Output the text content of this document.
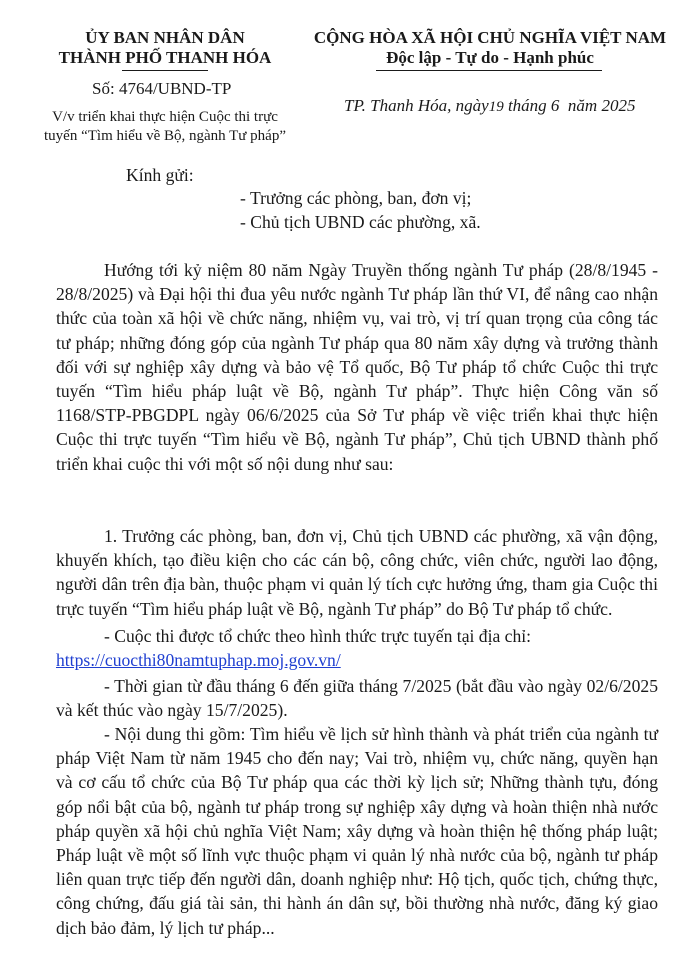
ỦY BAN NHÂN DÂN
THÀNH PHỐ THANH HÓA
Số: 4764/UBND-TP
V/v triển khai thực hiện Cuộc thi trực
tuyến “Tìm hiểu về Bộ, ngành Tư pháp”
CỘNG HÒA XÃ HỘI CHỦ NGHĨA VIỆT NAM
Độc lập - Tự do - Hạnh phúc
TP. Thanh Hóa, ngày19 tháng 6 năm 2025
Kính gửi:
- Trưởng các phòng, ban, đơn vị;
- Chủ tịch UBND các phường, xã.
Hướng tới kỷ niệm 80 năm Ngày Truyền thống ngành Tư pháp (28/8/1945 - 28/8/2025) và Đại hội thi đua yêu nước ngành Tư pháp lần thứ VI, để nâng cao nhận thức của toàn xã hội về chức năng, nhiệm vụ, vai trò, vị trí quan trọng của công tác tư pháp; những đóng góp của ngành Tư pháp qua 80 năm xây dựng và trưởng thành đối với sự nghiệp xây dựng và bảo vệ Tổ quốc, Bộ Tư pháp tổ chức Cuộc thi trực tuyến “Tìm hiểu pháp luật về Bộ, ngành Tư pháp”. Thực hiện Công văn số 1168/STP-PBGDPL ngày 06/6/2025 của Sở Tư pháp về việc triển khai thực hiện Cuộc thi trực tuyến “Tìm hiểu về Bộ, ngành Tư pháp”, Chủ tịch UBND thành phố triển khai cuộc thi với một số nội dung như sau:
1. Trưởng các phòng, ban, đơn vị, Chủ tịch UBND các phường, xã vận động, khuyến khích, tạo điều kiện cho các cán bộ, công chức, viên chức, người lao động, người dân trên địa bàn, thuộc phạm vi quản lý tích cực hưởng ứng, tham gia Cuộc thi trực tuyến “Tìm hiểu pháp luật về Bộ, ngành Tư pháp” do Bộ Tư pháp tổ chức.
- Cuộc thi được tổ chức theo hình thức trực tuyến tại địa chỉ:
https://cuocthi80namtuphap.moj.gov.vn/
- Thời gian từ đầu tháng 6 đến giữa tháng 7/2025 (bắt đầu vào ngày 02/6/2025 và kết thúc vào ngày 15/7/2025).
- Nội dung thi gồm: Tìm hiểu về lịch sử hình thành và phát triển của ngành tư pháp Việt Nam từ năm 1945 cho đến nay; Vai trò, nhiệm vụ, chức năng, quyền hạn và cơ cấu tổ chức của Bộ Tư pháp qua các thời kỳ lịch sử; Những thành tựu, đóng góp nổi bật của bộ, ngành tư pháp trong sự nghiệp xây dựng và hoàn thiện nhà nước pháp quyền xã hội chủ nghĩa Việt Nam; xây dựng và hoàn thiện hệ thống pháp luật; Pháp luật về một số lĩnh vực thuộc phạm vi quản lý nhà nước của bộ, ngành tư pháp liên quan trực tiếp đến người dân, doanh nghiệp như: Hộ tịch, quốc tịch, chứng thực, công chứng, đấu giá tài sản, thi hành án dân sự, bồi thường nhà nước, đăng ký giao dịch bảo đảm, lý lịch tư pháp...
